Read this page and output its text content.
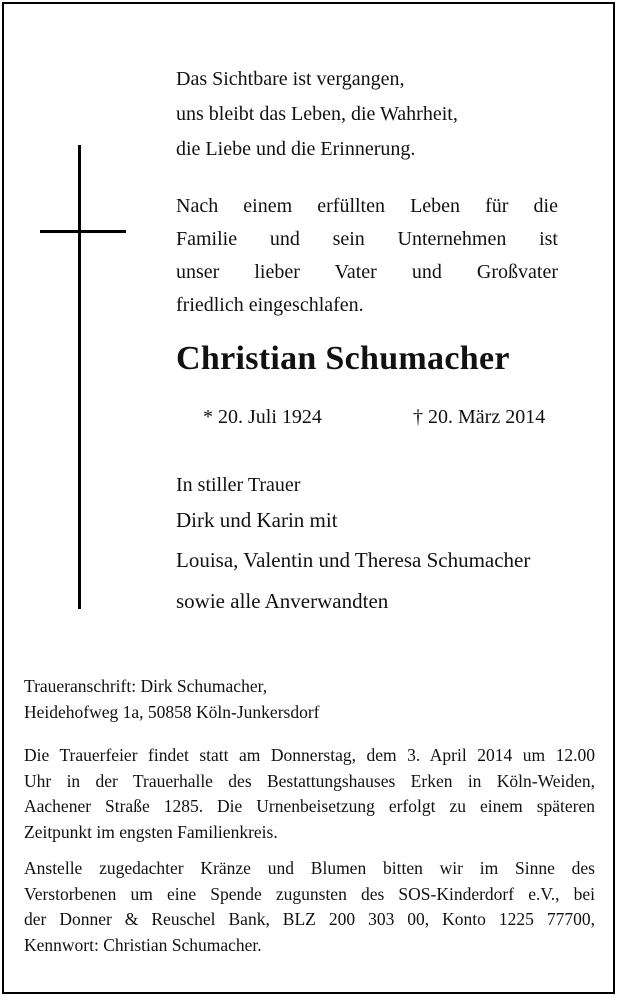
Das Sichtbare ist vergangen,
uns bleibt das Leben, die Wahrheit,
die Liebe und die Erinnerung.
Nach einem erfüllten Leben für die
Familie und sein Unternehmen ist
unser lieber Vater und Großvater
friedlich eingeschlafen.
Christian Schumacher
* 20. Juli 1924	† 20. März 2014
In stiller Trauer
Dirk und Karin mit
Louisa, Valentin und Theresa Schumacher
sowie alle Anverwandten
Traueranschrift: Dirk Schumacher,
Heidehofweg 1a, 50858 Köln-Junkersdorf
Die Trauerfeier findet statt am Donnerstag, dem 3. April 2014 um 12.00
Uhr in der Trauerhalle des Bestattungshauses Erken in Köln-Weiden,
Aachener Straße 1285. Die Urnenbeisetzung erfolgt zu einem späteren
Zeitpunkt im engsten Familienkreis.
Anstelle zugedachter Kränze und Blumen bitten wir im Sinne des
Verstorbenen um eine Spende zugunsten des SOS-Kinderdorf e.V., bei
der Donner & Reuschel Bank, BLZ 200 303 00, Konto 1225 77700,
Kennwort: Christian Schumacher.
